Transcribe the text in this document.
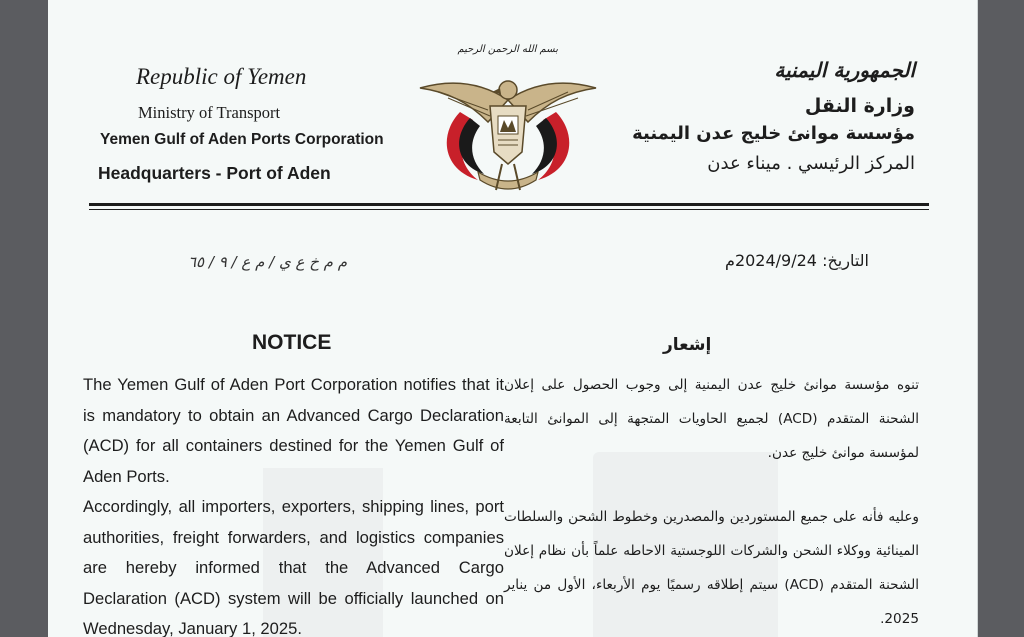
Republic of Yemen
Ministry of Transport
Yemen Gulf of Aden Ports Corporation
Headquarters - Port of Aden
بسم الله الرحمن الرحيم
الجمهورية اليمنية
وزارة النقل
مؤسسة موانئ خليج عدن اليمنية
المركز الرئيسي . ميناء عدن
م م خ ع ي / م ع / ٩ / ٦٥	التاريخ: 2024/9/24م
NOTICE

The Yemen Gulf of Aden Port Corporation notifies that it is mandatory to obtain an Advanced Cargo Declaration (ACD) for all containers destined for the Yemen Gulf of Aden Ports.

Accordingly, all importers, exporters, shipping lines, port authorities, freight forwarders, and logistics companies are hereby informed that the Advanced Cargo Declaration (ACD) system will be officially launched on Wednesday, January 1, 2025.

إشعار

تنوه مؤسسة موانئ خليج عدن اليمنية إلى وجوب الحصول على إعلان الشحنة المتقدم (ACD) لجميع الحاويات المتجهة إلى الموانئ التابعة لمؤسسة موانئ خليج عدن.

وعليه فأنه على جميع المستوردين والمصدرين وخطوط الشحن والسلطات المينائية ووكلاء الشحن والشركات اللوجستية الاحاطه علماً بأن نظام إعلان الشحنة المتقدم (ACD) سيتم إطلاقه رسميًا يوم الأربعاء، الأول من يناير 2025.
